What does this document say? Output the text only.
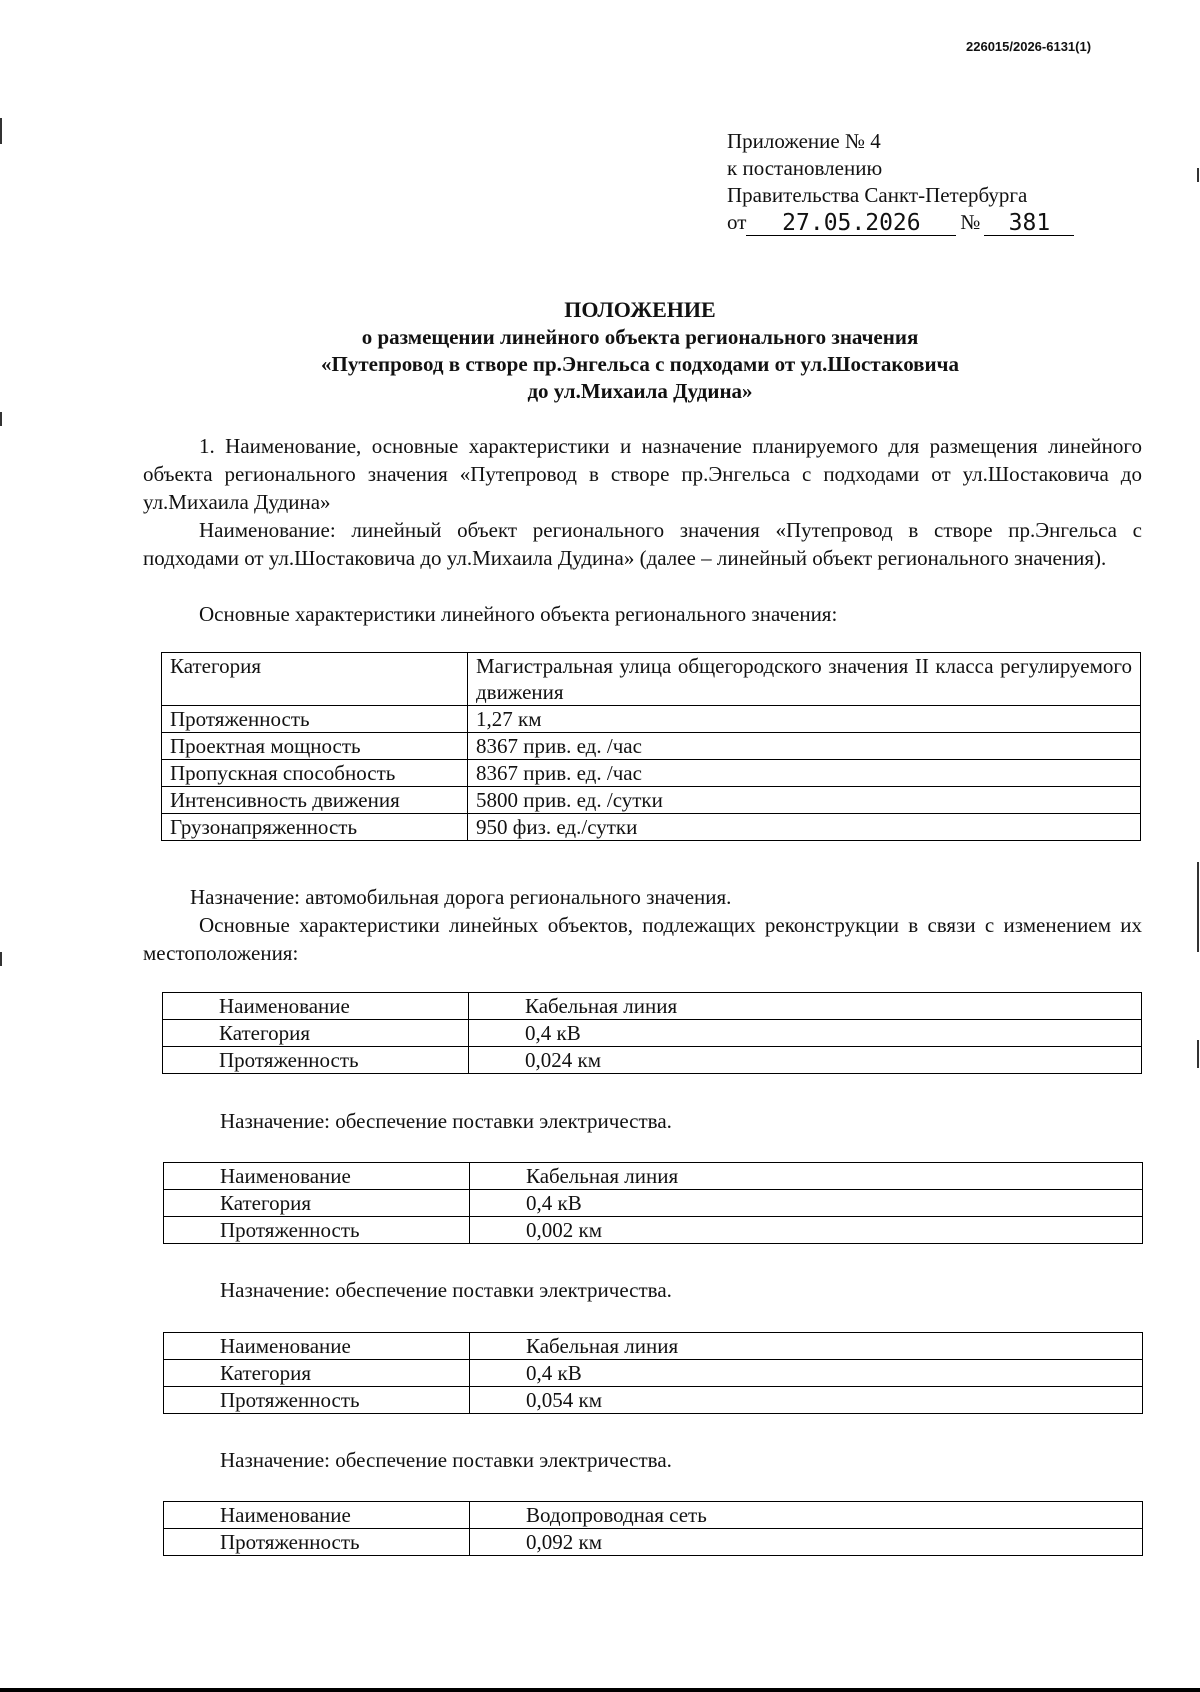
226015/2026-6131(1)
Приложение № 4
к постановлению
Правительства Санкт-Петербурга
от	27.05.2026	№	381
ПОЛОЖЕНИЕ
о размещении линейного объекта регионального значения
«Путепровод в створе пр.Энгельса с подходами от ул.Шостаковича
до ул.Михаила Дудина»

1. Наименование, основные характеристики и назначение планируемого для размещения линейного объекта регионального значения «Путепровод в створе пр.Энгельса с подходами от ул.Шостаковича до ул.Михаила Дудина»

Наименование: линейный объект регионального значения «Путепровод в створе пр.Энгельса с подходами от ул.Шостаковича до ул.Михаила Дудина» (далее – линейный объект регионального значения).

Основные характеристики линейного объекта регионального значения:

Категория	Магистральная улица общегородского значения II класса регулируемого движения
Протяженность	1,27 км
Проектная мощность	8367 прив. ед. /час
Пропускная способность	8367 прив. ед. /час
Интенсивность движения	5800 прив. ед. /сутки
Грузонапряженность	950 физ. ед./сутки

Назначение: автомобильная дорога регионального значения.

Основные характеристики линейных объектов, подлежащих реконструкции в связи с изменением их местоположения:

Наименование	Кабельная линия
Категория	0,4 кВ
Протяженность	0,024 км

Назначение: обеспечение поставки электричества.

Наименование	Кабельная линия
Категория	0,4 кВ
Протяженность	0,002 км

Назначение: обеспечение поставки электричества.

Наименование	Кабельная линия
Категория	0,4 кВ
Протяженность	0,054 км

Назначение: обеспечение поставки электричества.

Наименование	Водопроводная сеть
Протяженность	0,092 км
